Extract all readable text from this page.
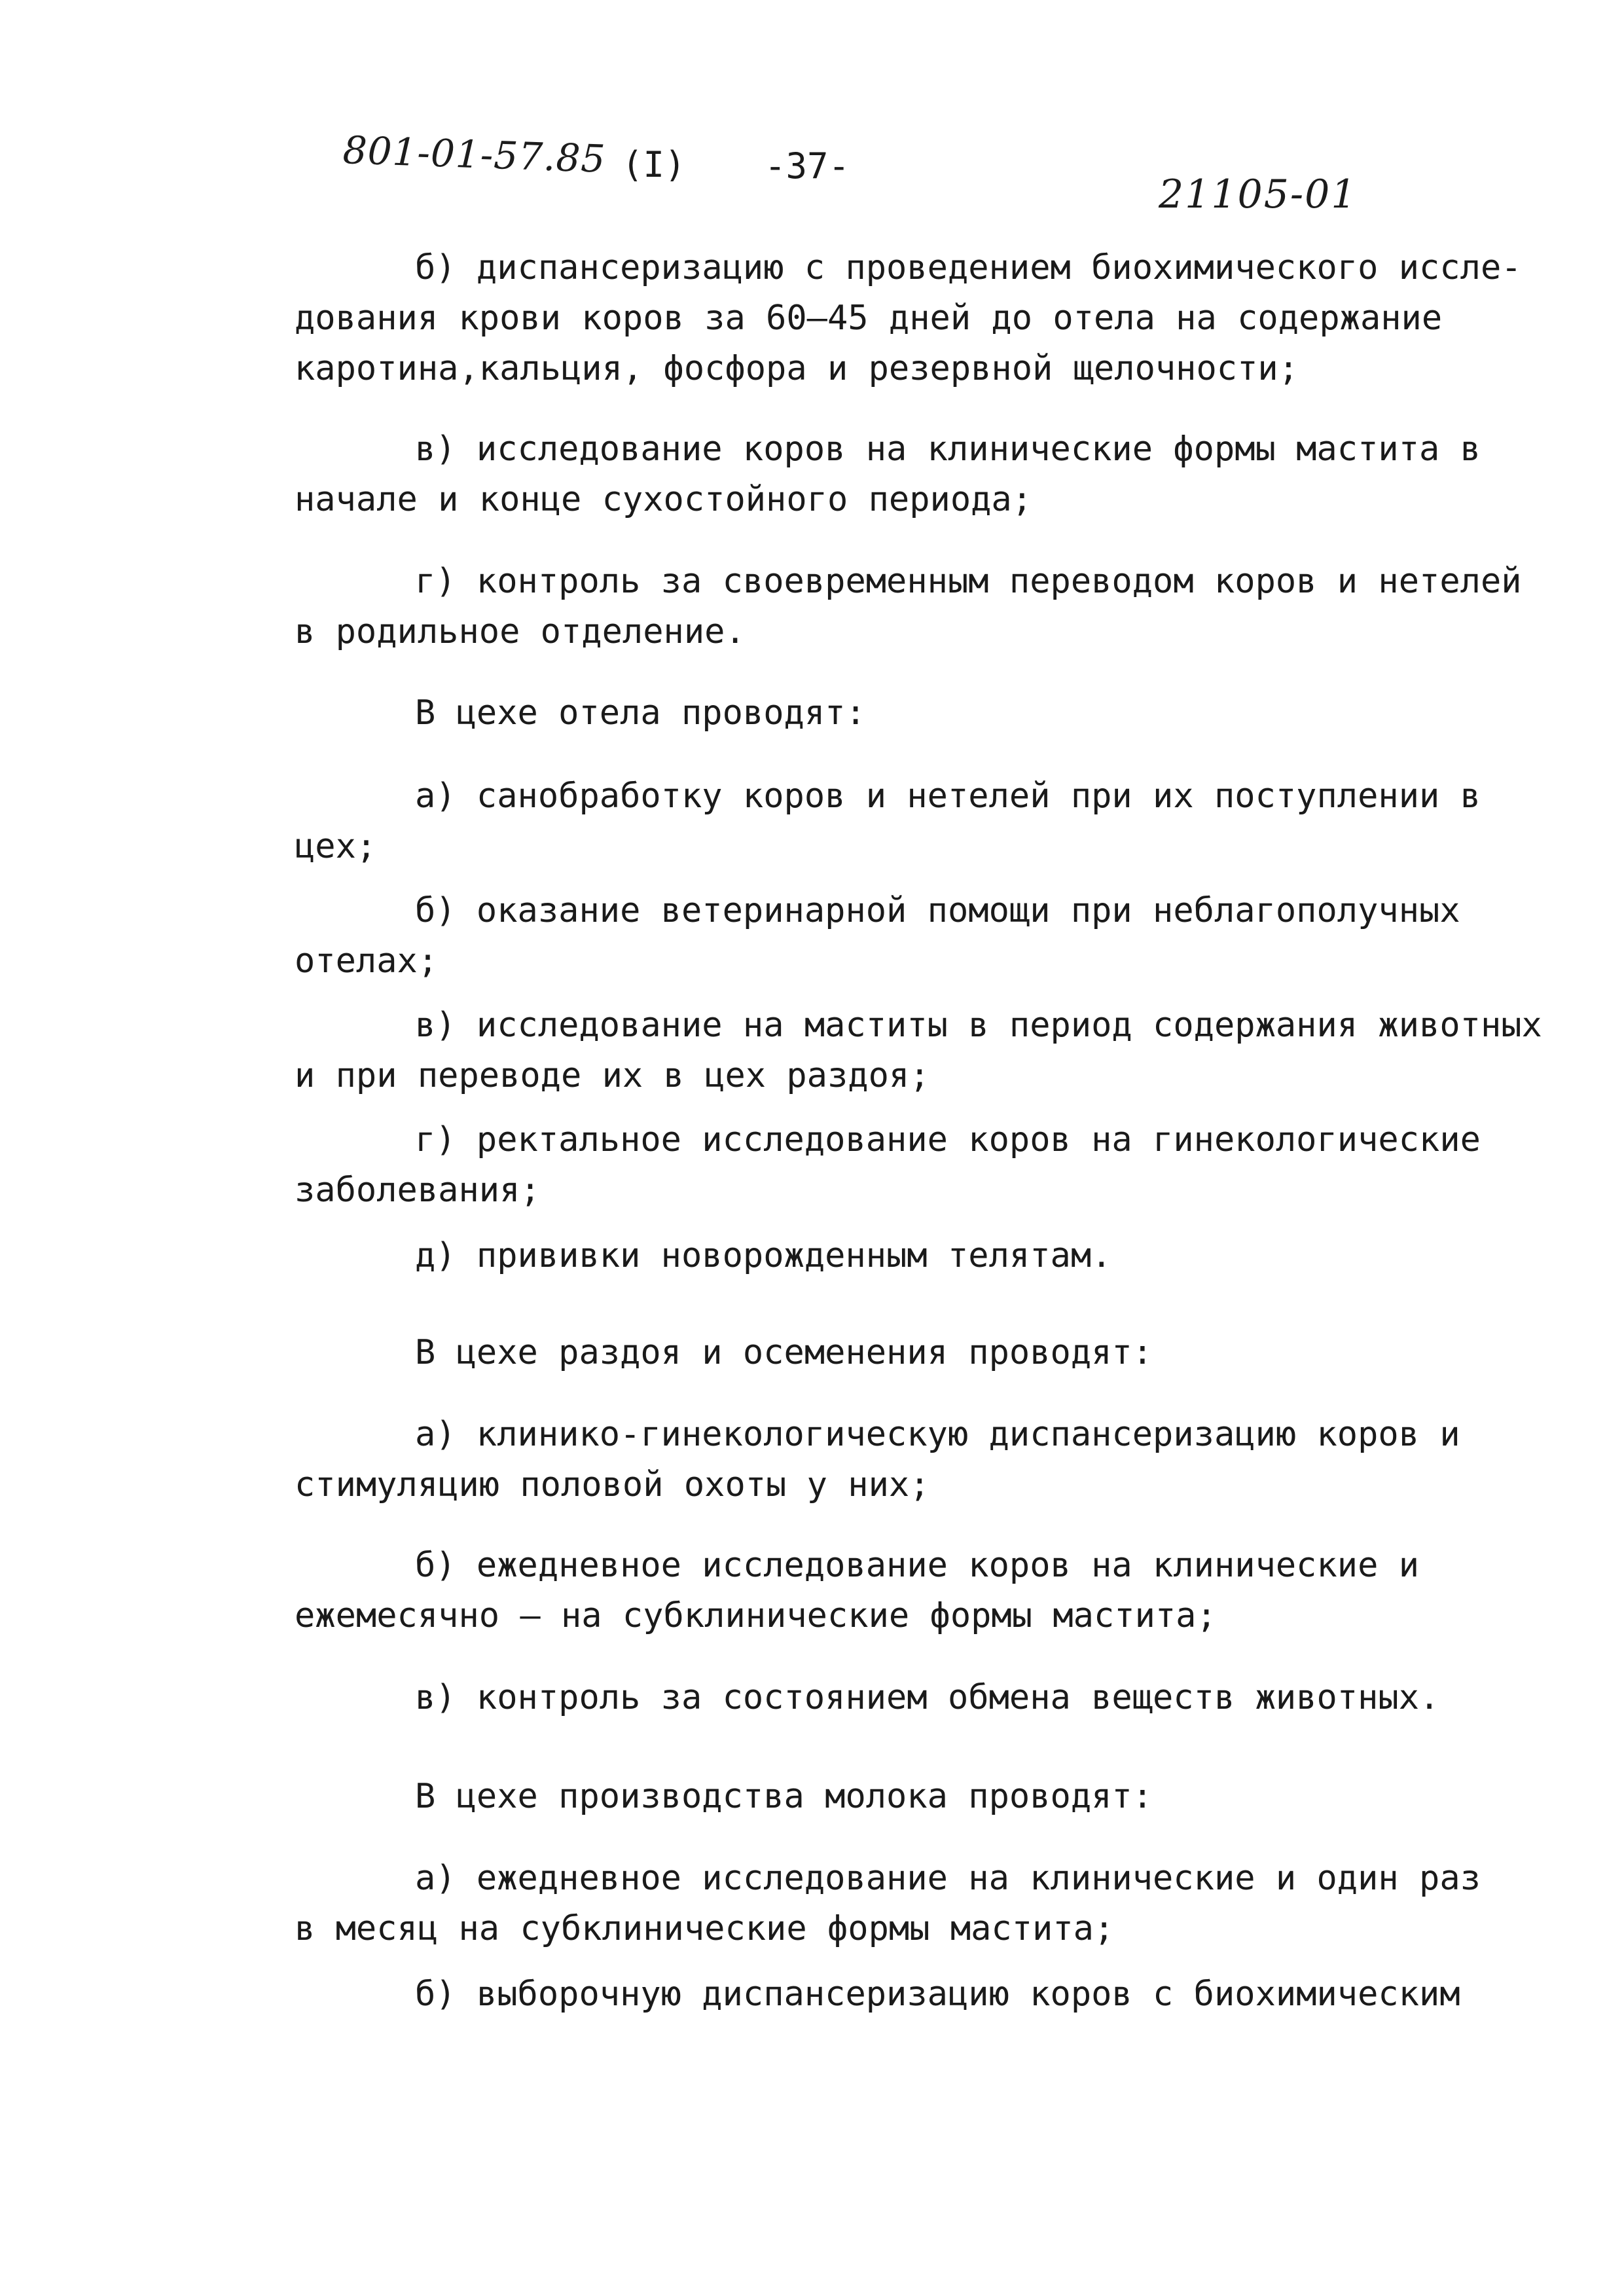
801-01-57.85 (I) -37-
21105-01
б) диспансеризацию с проведением биохимического иссле-
дования крови коров за 60–45 дней до отела на содержание
каротина,кальция, фосфора и резервной щелочности;
в) исследование коров на клинические формы мастита в
начале и конце сухостойного периода;
г) контроль за своевременным переводом коров и нетелей
в родильное отделение.
В цехе отела проводят:
а) санобработку коров и нетелей при их поступлении в
цех;
б) оказание ветеринарной помощи при неблагополучных
отелах;
в) исследование на маститы в период содержания животных
и при переводе их в цех раздоя;
г) ректальное исследование коров на гинекологические
заболевания;
д) прививки новорожденным телятам.
В цехе раздоя и осеменения проводят:
а) клинико-гинекологическую диспансеризацию коров и
стимуляцию половой охоты у них;
б) ежедневное исследование коров на клинические и
ежемесячно – на субклинические формы мастита;
в) контроль за состоянием обмена веществ животных.
В цехе производства молока проводят:
а) ежедневное исследование на клинические и один раз
в месяц на субклинические формы мастита;
б) выборочную диспансеризацию коров с биохимическим
